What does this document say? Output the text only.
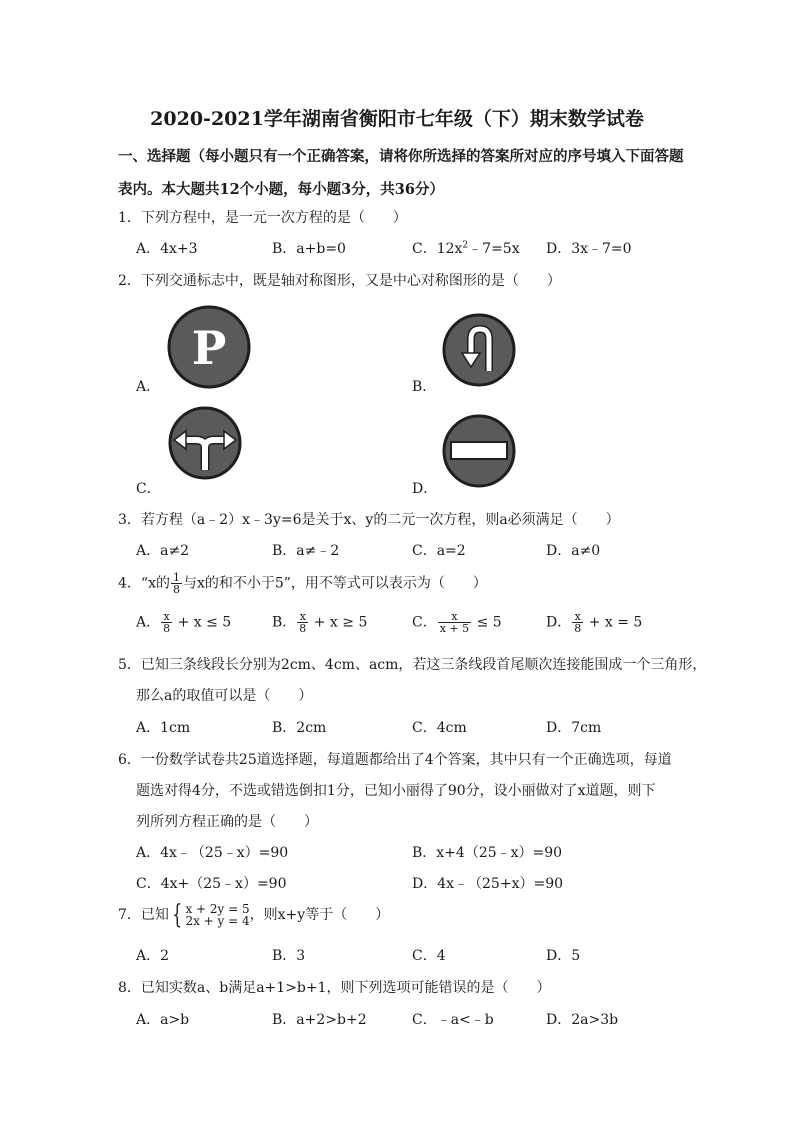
2020-2021学年湖南省衡阳市七年级（下）期末数学试卷
一、选择题（每小题只有一个正确答案，请将你所选择的答案所对应的序号填入下面答题
表内。本大题共12个小题，每小题3分，共36分）
1．下列方程中，是一元一次方程的是（　　）
A．4x+3	B．a+b=0	C．$12x^2﹣7=5x$ D．3x﹣7=0
2．下列交通标志中，既是轴对称图形，又是中心对称图形的是（　　）
P
A．	B．
C．	D．
3．若方程（a﹣2）x﹣3y=6是关于x、y的二元一次方程，则a必须满足（　　）
A．a≠2	B．a≠﹣2	C．a=2	D．a≠0
4．“x的 $\frac{1}{8}$ 与x的和不小于5”，用不等式可以表示为（　　）
A． $\frac{x}{8} + x \le 5$	B． $\frac{x}{8} + x \ge 5$	C． $\frac{x}{x + 5} \le 5$	D． $\frac{x}{8} + x = 5$
5．已知三条线段长分别为2cm、4cm、acm，若这三条线段首尾顺次连接能围成一个三角形，
那么a的取值可以是（　　）
A．1cm	B．2cm	C．4cm	D．7cm
6．一份数学试卷共25道选择题，每道题都给出了4个答案，其中只有一个正确选项，每道
题选对得4分，不选或错选倒扣1分，已知小丽得了90分，设小丽做对了x道题，则下
列所列方程正确的是（　　）
A．4x﹣（25﹣x）=90	B．x+4（25﹣x）=90
C．4x+（25﹣x）=90	D．4x﹣（25+x）=90
7．已知 { x + 2y = 5
2x + y = 4 ，则x+y等于（　　）
A．2	B．3	C．4	D．5
8．已知实数a、b满足a+1>b+1，则下列选项可能错误的是（　　）
A．a>b	B．a+2>b+2	C．﹣a<﹣b	D．2a>3b
